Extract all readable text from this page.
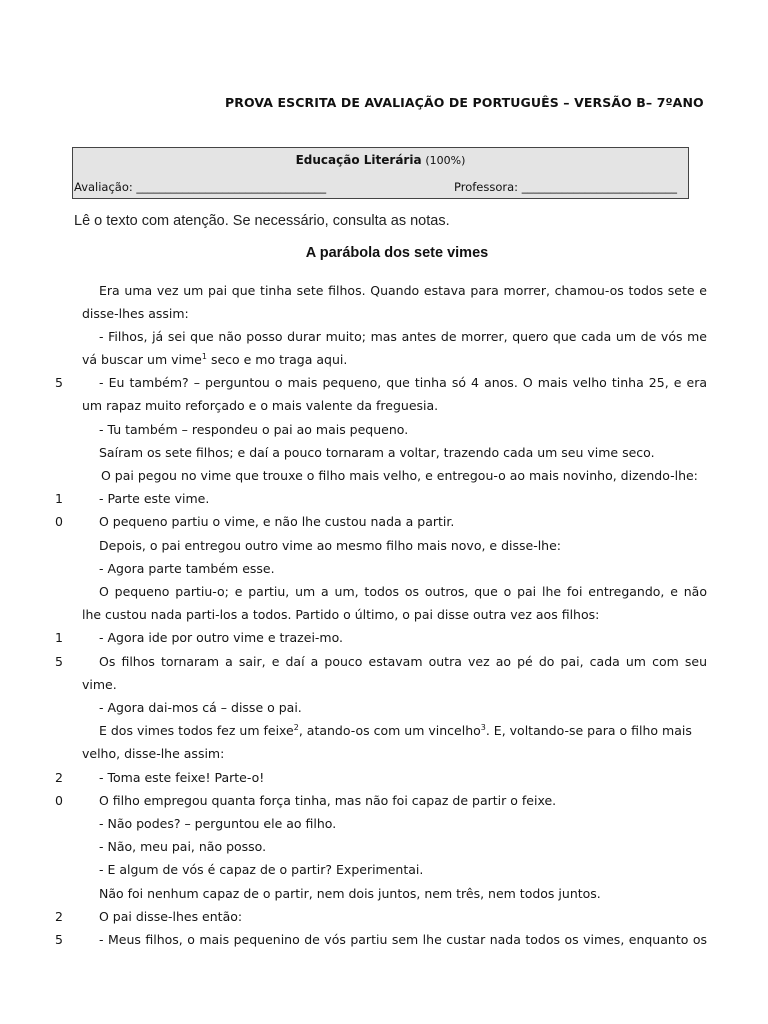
PROVA ESCRITA DE AVALIAÇÃO DE PORTUGUÊS – VERSÃO B– 7ºANO
Educação Literária (100%)
Avaliação: _________________________________	Professora: ___________________________
Lê o texto com atenção. Se necessário, consulta as notas.
A parábola dos sete vimes
Era uma vez um pai que tinha sete filhos. Quando estava para morrer, chamou-os todos sete e
disse-lhes assim:
- Filhos, já sei que não posso durar muito; mas antes de morrer, quero que cada um de vós me
vá buscar um vime$^1$ seco e mo traga aqui.
- Eu também? – perguntou o mais pequeno, que tinha só 4 anos. O mais velho tinha 25, e era
um rapaz muito reforçado e o mais valente da freguesia.
- Tu também – respondeu o pai ao mais pequeno.
Saíram os sete filhos; e daí a pouco tornaram a voltar, trazendo cada um seu vime seco.
O pai pegou no vime que trouxe o filho mais velho, e entregou-o ao mais novinho, dizendo-lhe:
- Parte este vime.
O pequeno partiu o vime, e não lhe custou nada a partir.
Depois, o pai entregou outro vime ao mesmo filho mais novo, e disse-lhe:
- Agora parte também esse.
O pequeno partiu-o; e partiu, um a um, todos os outros, que o pai lhe foi entregando, e não
lhe custou nada parti-los a todos. Partido o último, o pai disse outra vez aos filhos:
- Agora ide por outro vime e trazei-mo.
Os filhos tornaram a sair, e daí a pouco estavam outra vez ao pé do pai, cada um com seu
vime.
- Agora dai-mos cá – disse o pai.
E dos vimes todos fez um feixe$^2$, atando-os com um vincelho$^3$. E, voltando-se para o filho mais
velho, disse-lhe assim:
- Toma este feixe! Parte-o!
O filho empregou quanta força tinha, mas não foi capaz de partir o feixe.
- Não podes? – perguntou ele ao filho.
- Não, meu pai, não posso.
- E algum de vós é capaz de o partir? Experimentai.
Não foi nenhum capaz de o partir, nem dois juntos, nem três, nem todos juntos.
O pai disse-lhes então:
- Meus filhos, o mais pequenino de vós partiu sem lhe custar nada todos os vimes, enquanto os
5
1
0
1
5
2
0
2
5
